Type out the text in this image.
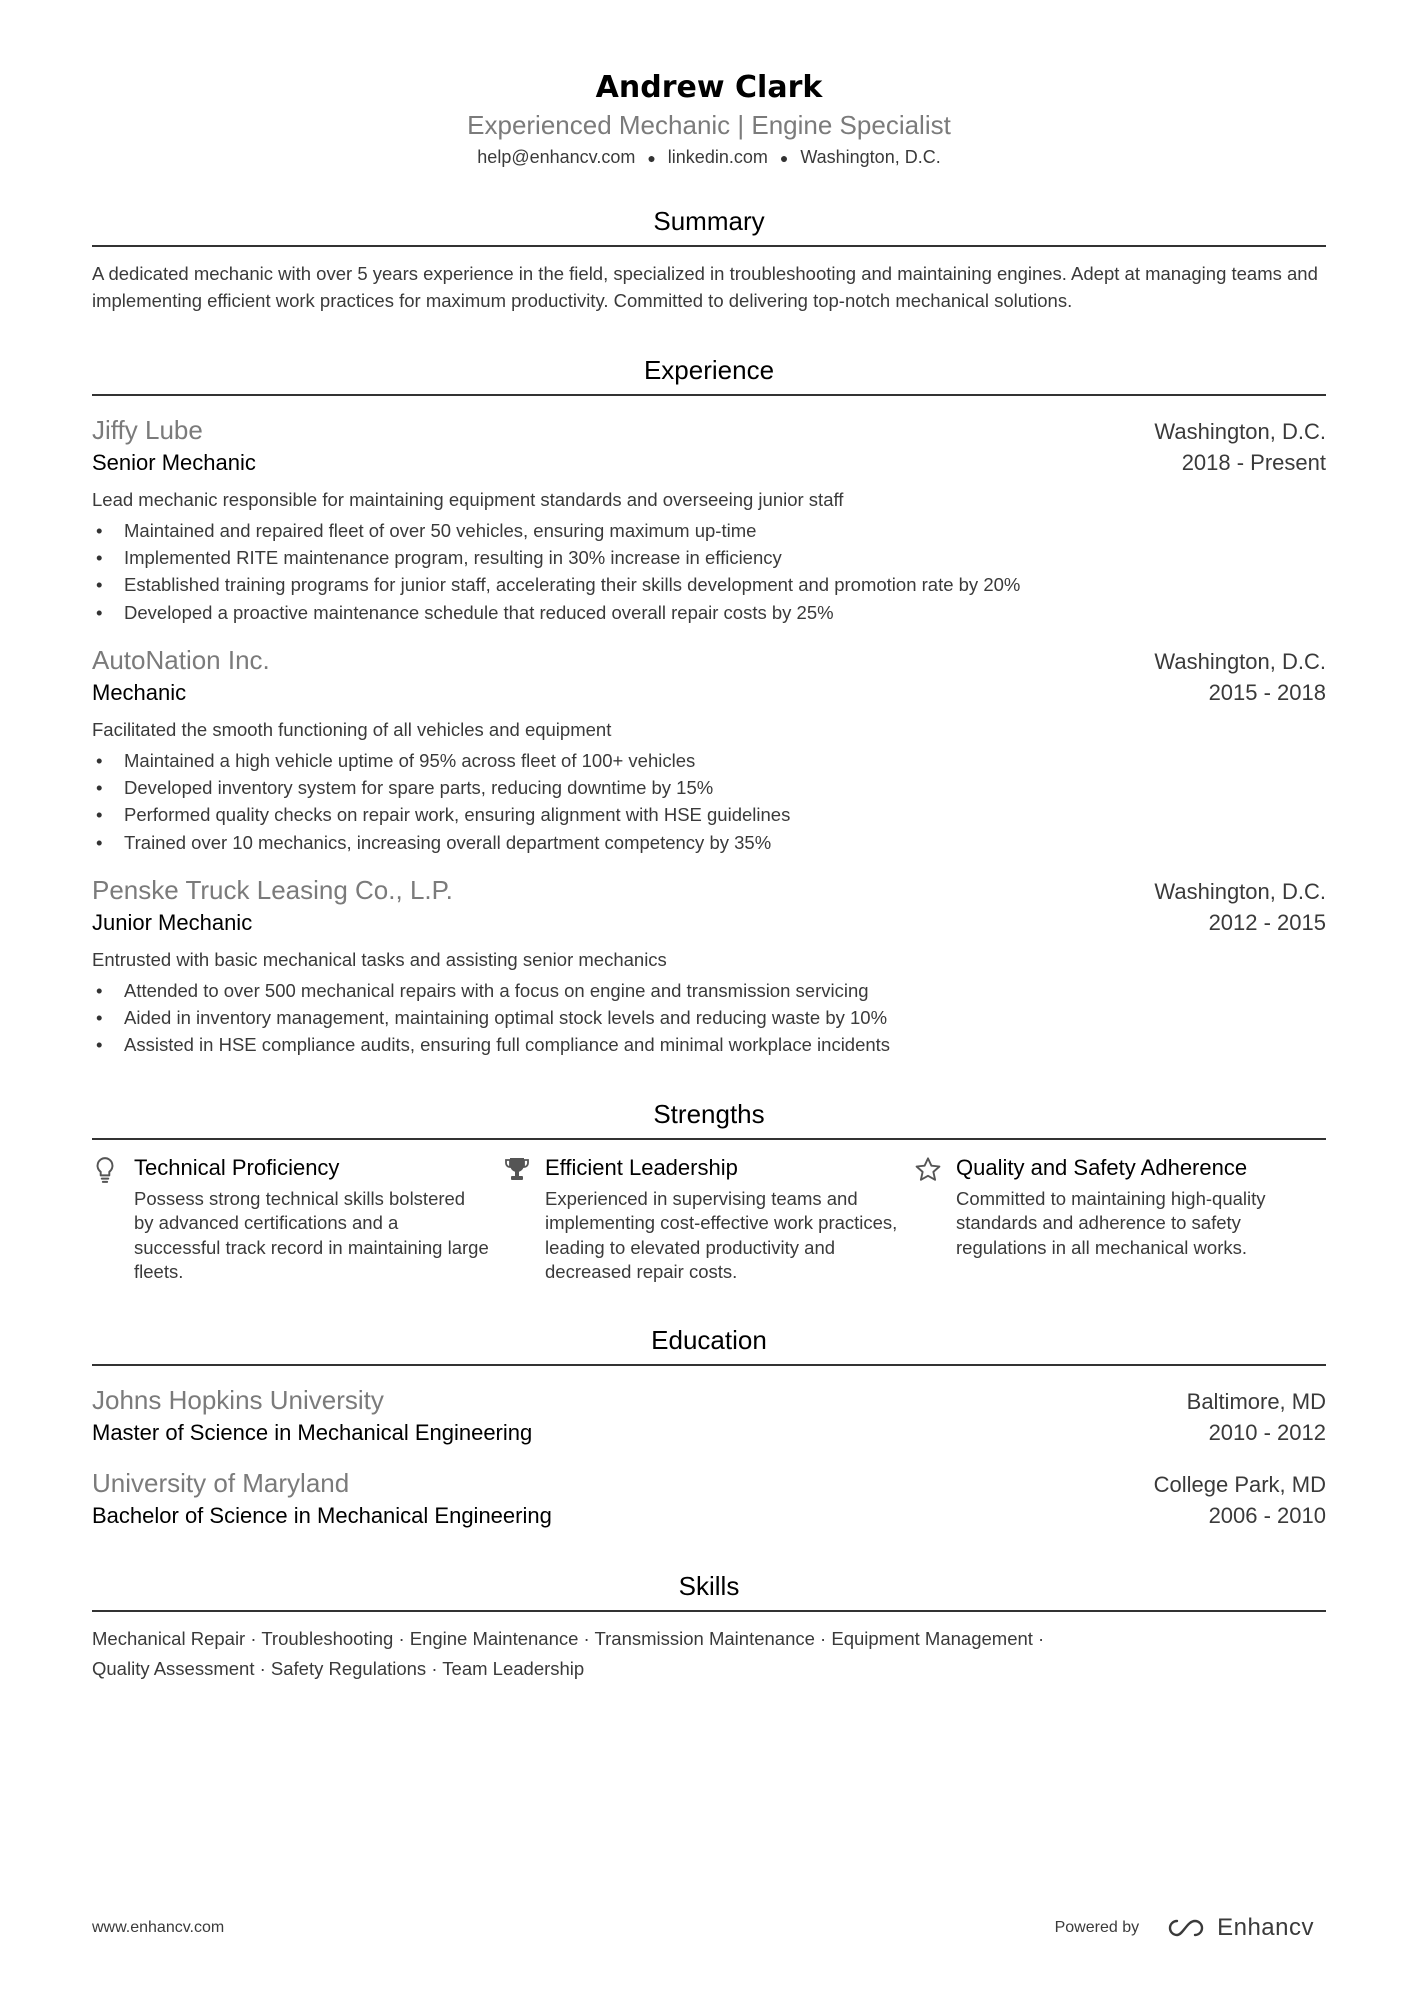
Andrew Clark
Experienced Mechanic | Engine Specialist
help@enhancv.com ● linkedin.com ● Washington, D.C.
Summary
A dedicated mechanic with over 5 years experience in the field, specialized in troubleshooting and maintaining engines. Adept at managing teams and implementing efficient work practices for maximum productivity. Committed to delivering top-notch mechanical solutions.
Experience
Jiffy Lube	Washington, D.C.
Senior Mechanic	2018 - Present
Lead mechanic responsible for maintaining equipment standards and overseeing junior staff
• Maintained and repaired fleet of over 50 vehicles, ensuring maximum up-time
• Implemented RITE maintenance program, resulting in 30% increase in efficiency
• Established training programs for junior staff, accelerating their skills development and promotion rate by 20%
• Developed a proactive maintenance schedule that reduced overall repair costs by 25%
AutoNation Inc.	Washington, D.C.
Mechanic	2015 - 2018
Facilitated the smooth functioning of all vehicles and equipment
• Maintained a high vehicle uptime of 95% across fleet of 100+ vehicles
• Developed inventory system for spare parts, reducing downtime by 15%
• Performed quality checks on repair work, ensuring alignment with HSE guidelines
• Trained over 10 mechanics, increasing overall department competency by 35%
Penske Truck Leasing Co., L.P.	Washington, D.C.
Junior Mechanic	2012 - 2015
Entrusted with basic mechanical tasks and assisting senior mechanics
• Attended to over 500 mechanical repairs with a focus on engine and transmission servicing
• Aided in inventory management, maintaining optimal stock levels and reducing waste by 10%
• Assisted in HSE compliance audits, ensuring full compliance and minimal workplace incidents
Strengths
Technical Proficiency
Possess strong technical skills bolstered by advanced certifications and a successful track record in maintaining large fleets.
Efficient Leadership
Experienced in supervising teams and implementing cost-effective work practices, leading to elevated productivity and decreased repair costs.
Quality and Safety Adherence
Committed to maintaining high-quality standards and adherence to safety regulations in all mechanical works.
Education
Johns Hopkins University	Baltimore, MD
Master of Science in Mechanical Engineering	2010 - 2012
University of Maryland	College Park, MD
Bachelor of Science in Mechanical Engineering	2006 - 2010
Skills
Mechanical Repair · Troubleshooting · Engine Maintenance · Transmission Maintenance · Equipment Management ·
Quality Assessment · Safety Regulations · Team Leadership
www.enhancv.com	Powered by	Enhancv
